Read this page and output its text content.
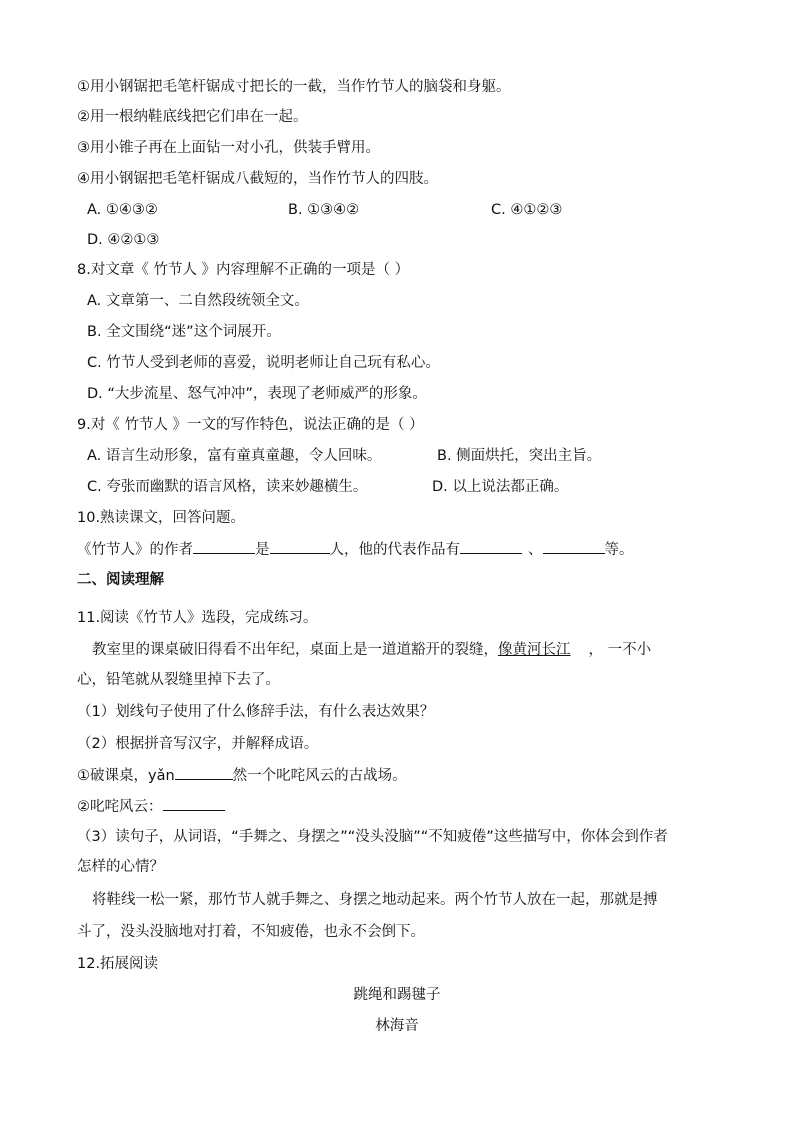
①用小钢锯把毛笔杆锯成寸把长的一截，当作竹节人的脑袋和身躯。
②用一根纳鞋底线把它们串在一起。
③用小锥子再在上面钻一对小孔，供装手臂用。
④用小钢锯把毛笔杆锯成八截短的，当作竹节人的四肢。
A. ①④③②	B. ①③④②	C. ④①②③
D. ④②①③
8.对文章《 竹节人 》内容理解不正确的一项是（ ）
A. 文章第一、二自然段统领全文。
B. 全文围绕“迷”这个词展开。
C. 竹节人受到老师的喜爱，说明老师让自己玩有私心。
D. “大步流星、怒气冲冲”，表现了老师威严的形象。
9.对《 竹节人 》一文的写作特色，说法正确的是（ ）
A. 语言生动形象，富有童真童趣，令人回味。	B. 侧面烘托，突出主旨。
C. 夸张而幽默的语言风格，读来妙趣横生。	D. 以上说法都正确。
10.熟读课文，回答问题。
《竹节人》的作者	是	人，他的代表作品有	、	等。
二、阅读理解
11.阅读《竹节人》选段，完成练习。
教室里的课桌破旧得看不出年纪，桌面上是一道道豁开的裂缝，像黄河长江 ， 一不小
心，铅笔就从裂缝里掉下去了。
（1）划线句子使用了什么修辞手法，有什么表达效果？
（2）根据拼音写汉字，并解释成语。
①破课桌，yǎn	然一个叱咤风云的古战场。
②叱咤风云：
（3）读句子，从词语，“手舞之、身摆之”“没头没脑”“不知疲倦”这些描写中，你体会到作者
怎样的心情？
将鞋线一松一紧，那竹节人就手舞之、身摆之地动起来。两个竹节人放在一起，那就是搏
斗了，没头没脑地对打着，不知疲倦，也永不会倒下。
12.拓展阅读
跳绳和踢毽子
林海音
